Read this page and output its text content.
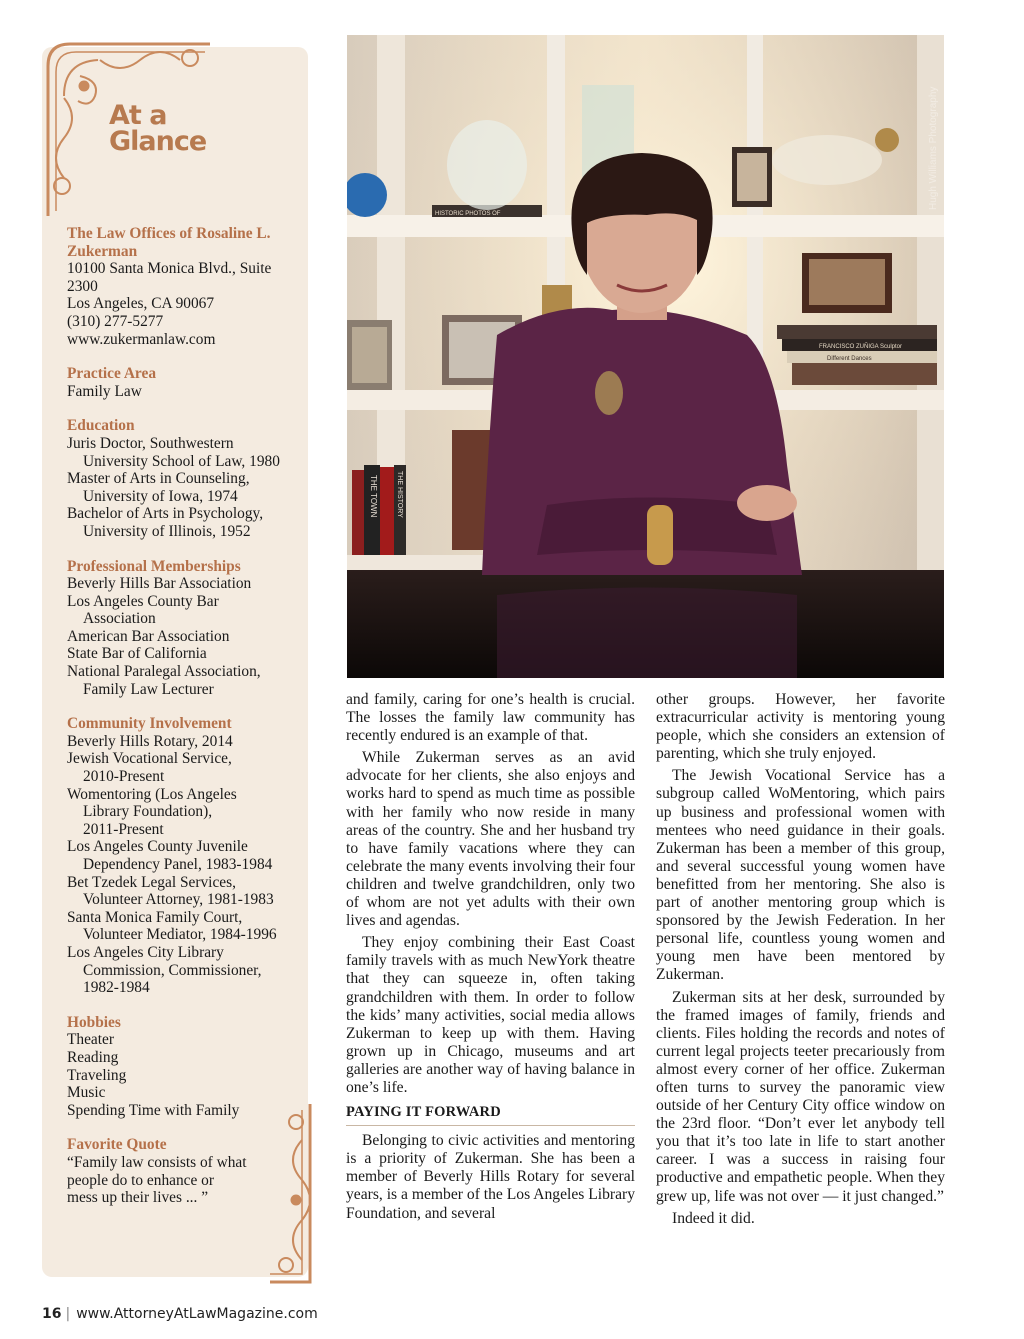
At a
Glance
The Law Offices of Rosaline L.
Zukerman
10100 Santa Monica Blvd., Suite
2300
Los Angeles, CA 90067
(310) 277-5277
www.zukermanlaw.com
Practice Area
Family Law
Education
Juris Doctor, Southwestern
University School of Law, 1980
Master of Arts in Counseling,
University of Iowa, 1974
Bachelor of Arts in Psychology,
University of Illinois, 1952
Professional Memberships
Beverly Hills Bar Association
Los Angeles County Bar
Association
American Bar Association
State Bar of California
National Paralegal Association,
Family Law Lecturer
Community Involvement
Beverly Hills Rotary, 2014
Jewish Vocational Service,
2010-Present
Womentoring (Los Angeles
Library Foundation),
2011-Present
Los Angeles County Juvenile
Dependency Panel, 1983-1984
Bet Tzedek Legal Services,
Volunteer Attorney, 1981-1983
Santa Monica Family Court,
Volunteer Mediator, 1984-1996
Los Angeles City Library
Commission, Commissioner,
1982-1984
Hobbies
Theater
Reading
Traveling
Music
Spending Time with Family
Favorite Quote
“Family law consists of what
people do to enhance or
mess up their lives ... ”
HISTORIC PHOTOS OF
FRANCISCO ZUÑIGA Sculptor
Different Dances
THE TOWN	THE HISTORY
Hugh Williams Photography

and family, caring for one’s health is crucial. The losses the family law community has recently endured is an example of that.

While Zukerman serves as an avid advocate for her clients, she also enjoys and works hard to spend as much time as possible with her family who now reside in many areas of the country. She and her husband try to have family vacations where they can celebrate the many events involving their four children and twelve grandchildren, only two of whom are not yet adults with their own lives and agendas.

They enjoy combining their East Coast family travels with as much NewYork theatre that they can squeeze in, often taking grandchildren with them. In order to follow the kids’ many activities, social media allows Zukerman to keep up with them. Having grown up in Chicago, museums and art galleries are another way of having balance in one’s life.

PAYING IT FORWARD

Belonging to civic activities and mentoring is a priority of Zukerman. She has been a member of Beverly Hills Rotary for several years, is a member of the Los Angeles Library Foundation, and several

other groups. However, her favorite extracurricular activity is mentoring young people, which she considers an extension of parenting, which she truly enjoyed.

The Jewish Vocational Service has a subgroup called WoMentoring, which pairs up business and professional women with mentees who need guidance in their goals. Zukerman has been a member of this group, and several successful young women have benefitted from her mentoring. She also is part of another mentoring group which is sponsored by the Jewish Federation. In her personal life, countless young women and young men have been mentored by Zukerman.

Zukerman sits at her desk, surrounded by the framed images of family, friends and clients. Files holding the records and notes of current legal projects teeter precariously from almost every corner of her office. Zukerman often turns to survey the panoramic view outside of her Century City office window on the 23rd floor. “Don’t ever let anybody tell you that it’s too late in life to start another career. I was a success in raising four productive and empathetic people. When they grew up, life was not over — it just changed.”

Indeed it did.

16 | www.AttorneyAtLawMagazine.com
